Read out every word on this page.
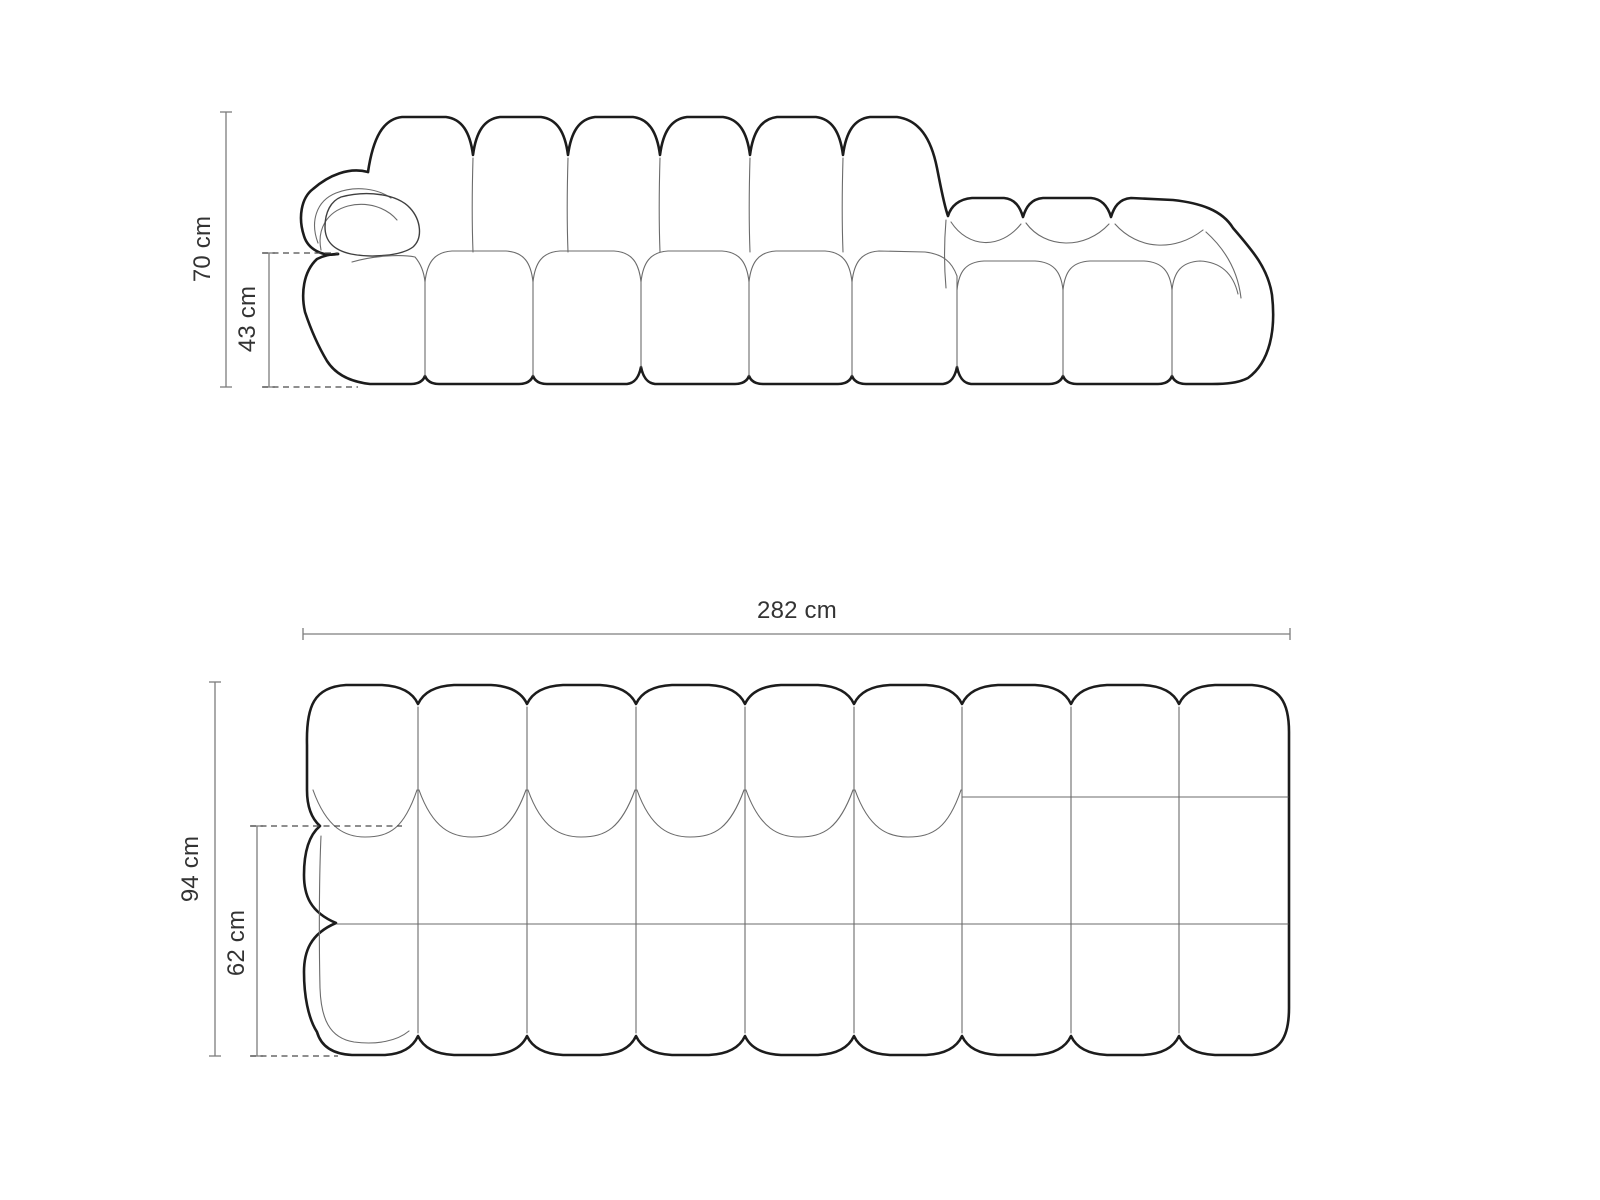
70 cm
43 cm
282 cm
94 cm
62 cm
